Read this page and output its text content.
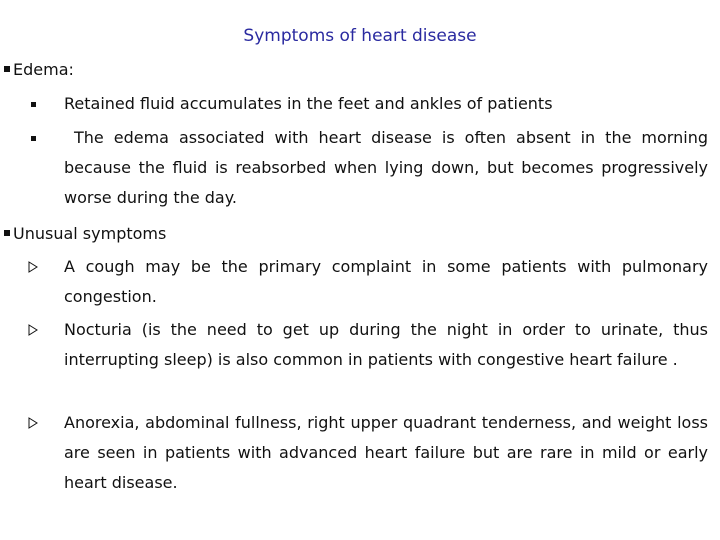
Symptoms of heart disease
Edema:
Retained fluid accumulates in the feet and ankles of patients
The edema associated with heart disease is often absent in the morning because the fluid is reabsorbed when lying down, but becomes progressively worse during the day.
Unusual symptoms
A cough may be the primary complaint in some patients with pulmonary congestion.
Nocturia (is the need to get up during the night in order to urinate, thus interrupting sleep) is also common in patients with congestive heart failure .
Anorexia, abdominal fullness, right upper quadrant tenderness, and weight loss are seen in patients with advanced heart failure but are rare in mild or early heart disease.
